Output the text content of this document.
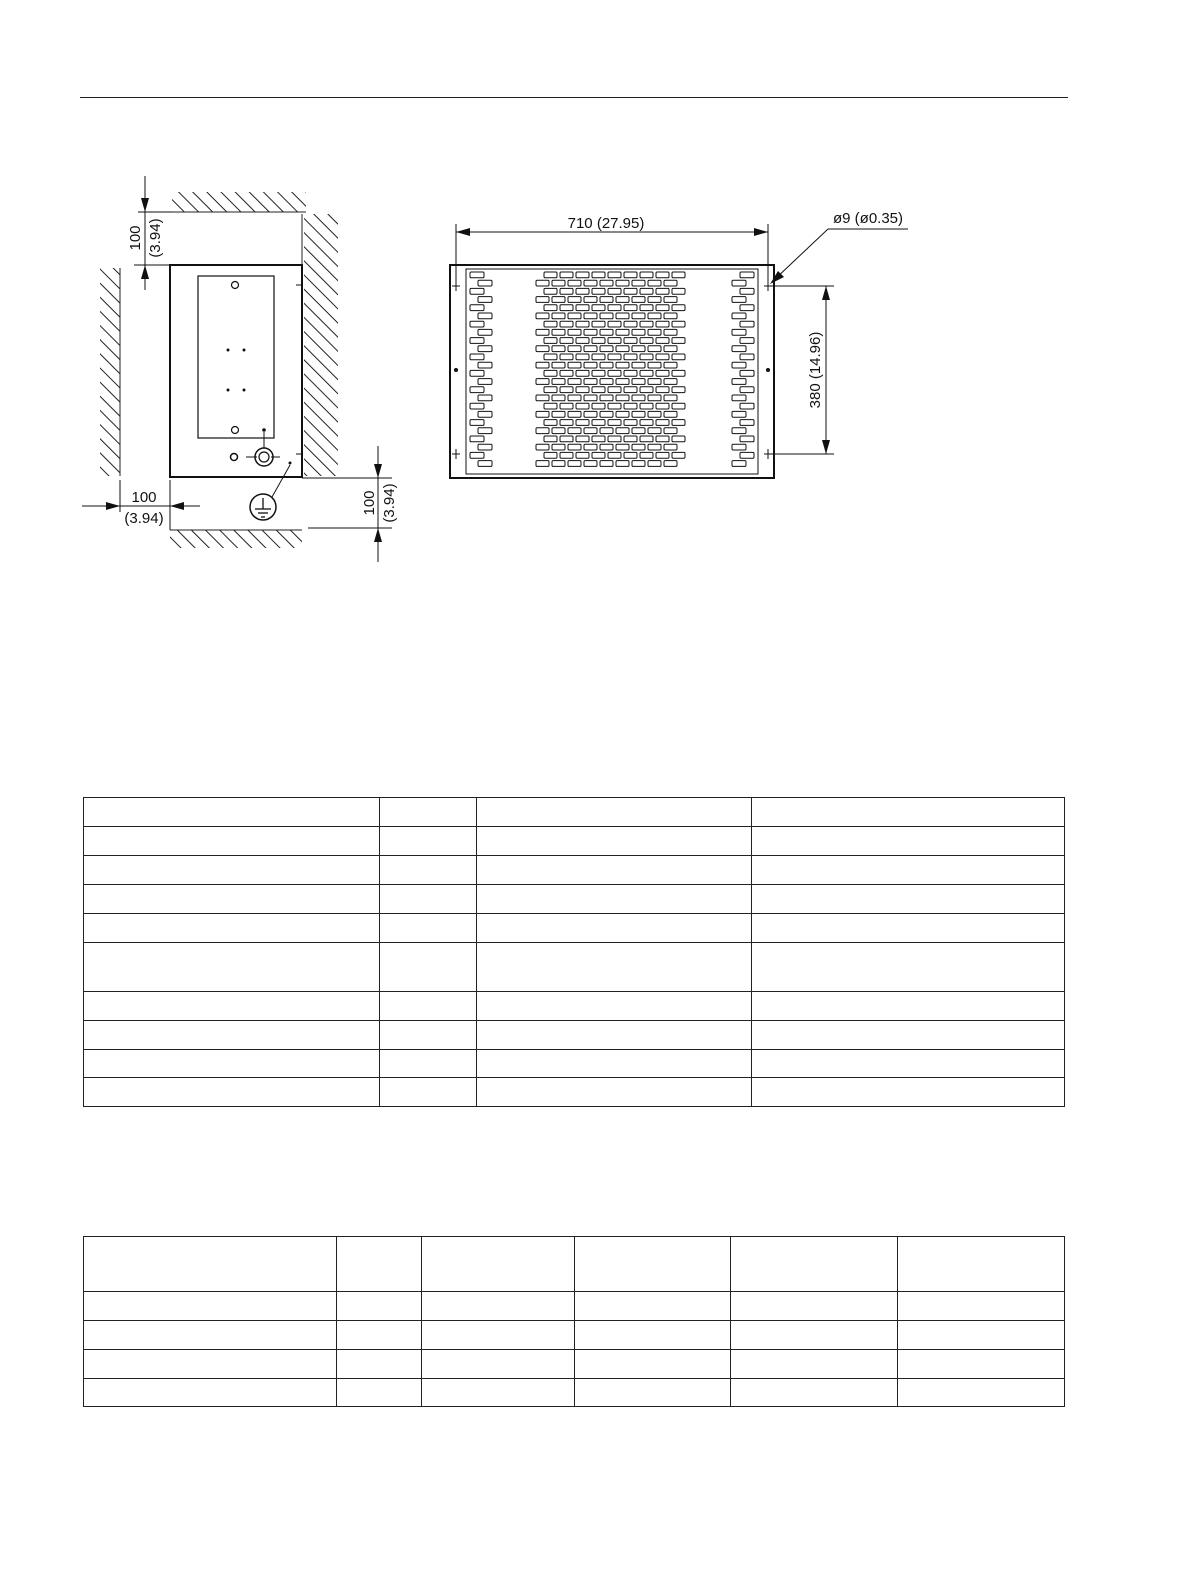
100 (3.94)
100
(3.94)
100 (3.94)
710 (27.95)
380 (14.96)
ø9 (ø0.35)
